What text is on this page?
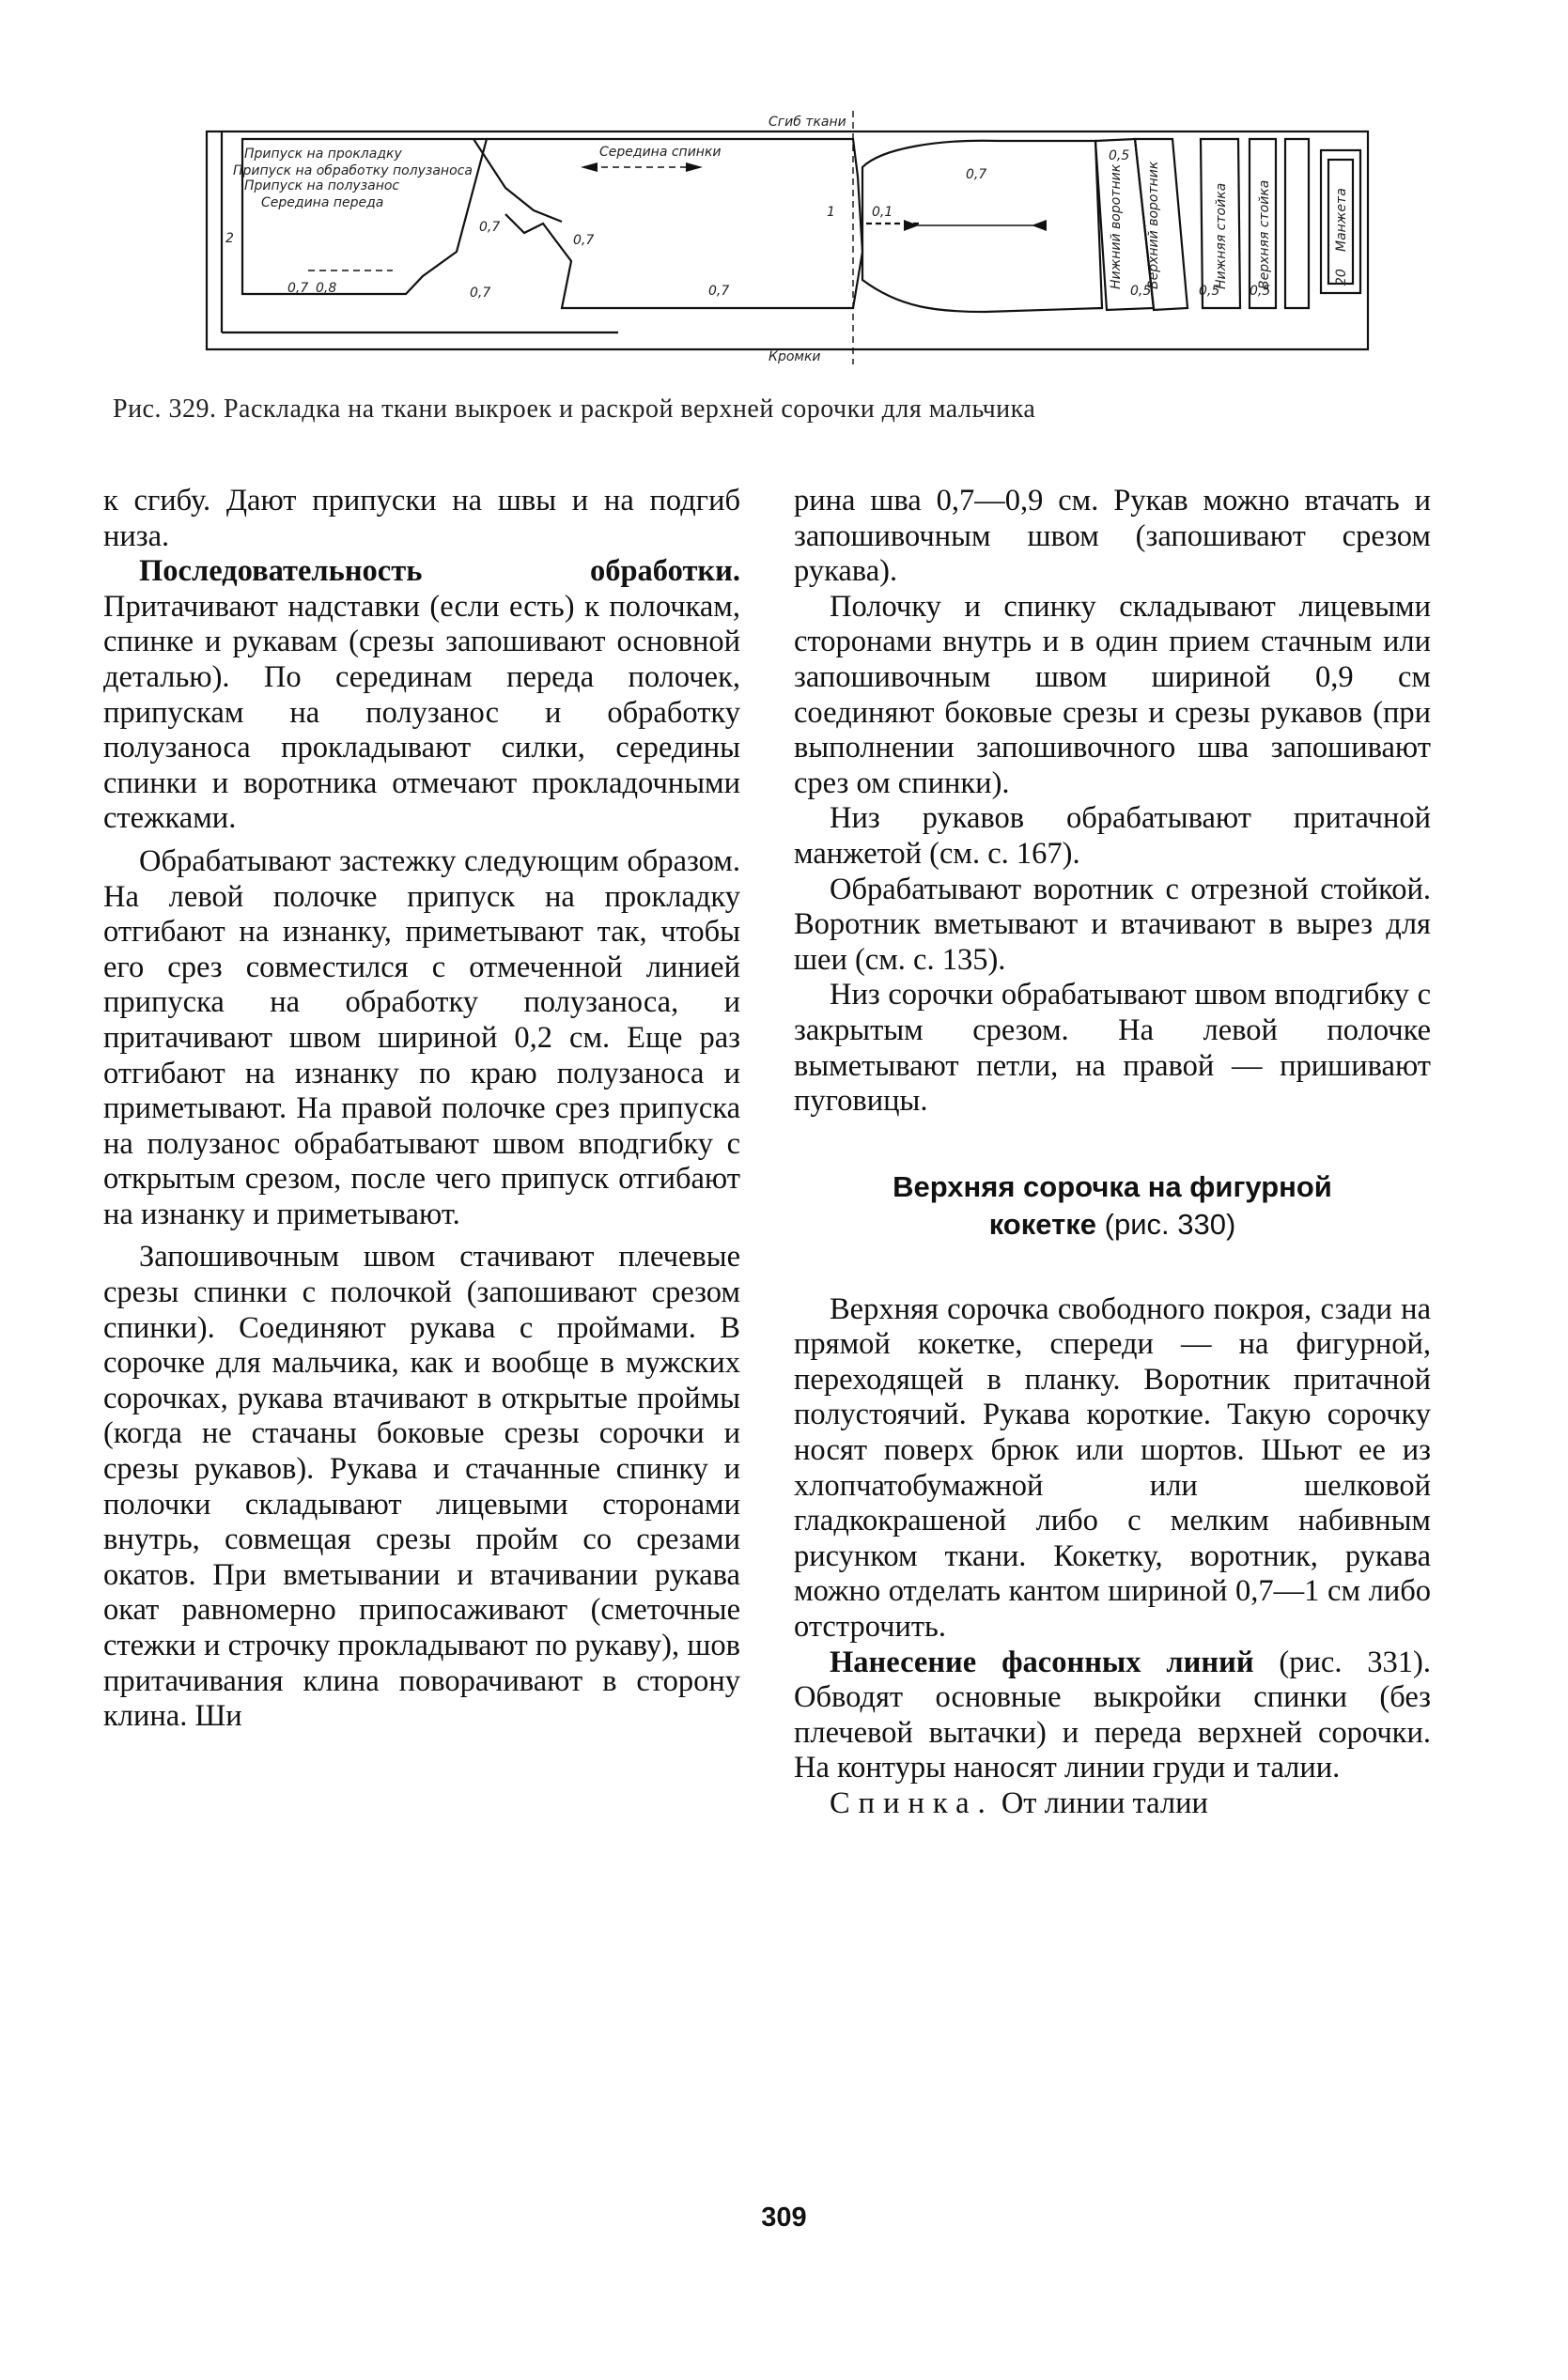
Сгиб ткани
Кромки
Припуск на прокладку
Припуск на обработку полузаноса
Припуск на полузанос
Середина переда
Середина спинки
2
0,7 0,8	0,7
0,7
0,7
0,7
0,1
1
0,7
0,5
0,5	0,5 0,5
Нижний воротник Верхний воротник	Нижняя стойка Верхняя стойка	Манжета
20
Рис. 329. Раскладка на ткани выкроек и раскрой верхней сорочки для мальчика

к сгибу. Дают припуски на швы и на подгиб низа.

Последовательность обработки. Притачивают надставки (если есть) к полочкам, спинке и рукавам (срезы запошивают основной деталью). По серединам переда полочек, припускам на полузанос и обработку полузаноса прокладывают силки, середины спинки и воротника отмечают прокладочными стежками.

Обрабатывают застежку следующим образом. На левой полочке припуск на прокладку отгибают на изнанку, приметывают так, чтобы его срез совместился с отмеченной линией припуска на обработку полузаноса, и притачивают швом шириной 0,2 см. Еще раз отгибают на изнанку по краю полузаноса и приметывают. На правой полочке срез припуска на полузанос обрабатывают швом вподгибку с открытым срезом, после чего припуск отгибают на изнанку и приметывают.

Запошивочным швом стачивают плечевые срезы спинки с полочкой (запошивают срезом спинки). Соединяют рукава с проймами. В сорочке для мальчика, как и вообще в мужских сорочках, рукава втачивают в открытые проймы (когда не стачаны боковые срезы сорочки и срезы рукавов). Рукава и стачанные спинку и полочки складывают лицевыми сторонами внутрь, совмещая срезы пройм со срезами окатов. При вметывании и втачивании рукава окат равномерно припосаживают (сметочные стежки и строчку прокладывают по рукаву), шов притачивания клина поворачивают в сторону клина. Ши

рина шва 0,7—0,9 см. Рукав можно втачать и запошивочным швом (запошивают срезом рукава).

Полочку и спинку складывают лицевыми сторонами внутрь и в один прием стачным или запошивочным швом шириной 0,9 см соединяют боковые срезы и срезы рукавов (при выполнении запошивочного шва запошивают срез ом спинки).

Низ рукавов обрабатывают притачной манжетой (см. с. 167).

Обрабатывают воротник с отрезной стойкой. Воротник вметывают и втачивают в вырез для шеи (см. с. 135).

Низ сорочки обрабатывают швом вподгибку с закрытым срезом. На левой полочке выметывают петли, на правой — пришивают пуговицы.

Верхняя сорочка на фигурной
кокетке (рис. 330)

Верхняя сорочка свободного покроя, сзади на прямой кокетке, спереди — на фигурной, переходящей в планку. Воротник притачной полустоячий. Рукава короткие. Такую сорочку носят поверх брюк или шортов. Шьют ее из хлопчатобумажной или шелковой гладкокрашеной либо с мелким набивным рисунком ткани. Кокетку, воротник, рукава можно отделать кантом шириной 0,7—1 см либо отстрочить.

Нанесение фасонных линий (рис. 331). Обводят основные выкройки спинки (без плечевой вытачки) и переда верхней сорочки. На контуры наносят линии груди и талии.

Спинка. От линии талии

309
